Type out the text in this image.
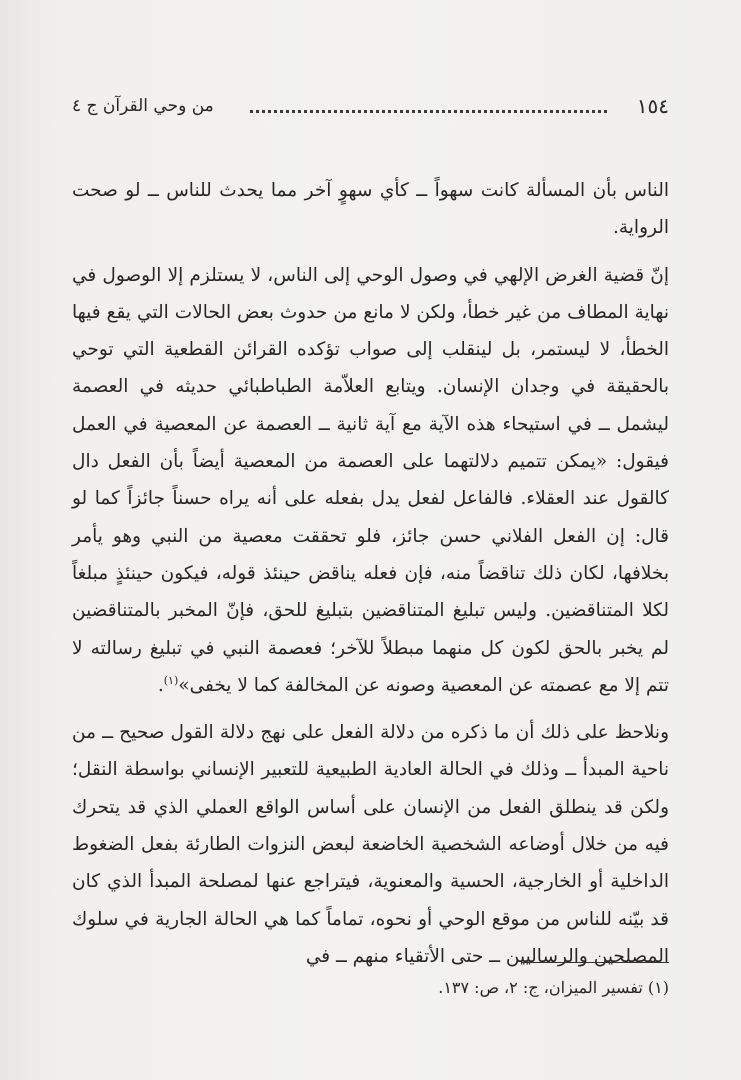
١٥٤
من وحي القرآن ج ٤

الناس بأن المسألة كانت سهواً ــ كأي سهوٍ آخر مما يحدث للناس ــ لو صحت الرواية.

إنّ قضية الغرض الإلهي في وصول الوحي إلى الناس، لا يستلزم إلا الوصول في نهاية المطاف من غير خطأ، ولكن لا مانع من حدوث بعض الحالات التي يقع فيها الخطأ، لا ليستمر، بل لينقلب إلى صواب تؤكده القرائن القطعية التي توحي بالحقيقة في وجدان الإنسان. ويتابع العلاّمة الطباطبائي حديثه في العصمة ليشمل ــ في استيحاء هذه الآية مع آية ثانية ــ العصمة عن المعصية في العمل فيقول: «يمكن تتميم دلالتهما على العصمة من المعصية أيضاً بأن الفعل دال كالقول عند العقلاء. فالفاعل لفعل يدل بفعله على أنه يراه حسناً جائزاً كما لو قال: إن الفعل الفلاني حسن جائز، فلو تحققت معصية من النبي وهو يأمر بخلافها، لكان ذلك تناقضاً منه، فإن فعله يناقض حينئذ قوله، فيكون حينئذٍ مبلغاً لكلا المتناقضين. وليس تبليغ المتناقضين بتبليغ للحق، فإنّ المخبر بالمتناقضين لم يخبر بالحق لكون كل منهما مبطلاً للآخر؛ فعصمة النبي في تبليغ رسالته لا تتم إلا مع عصمته عن المعصية وصونه عن المخالفة كما لا يخفى»$^{(١)}$.

ونلاحظ على ذلك أن ما ذكره من دلالة الفعل على نهج دلالة القول صحيح ــ من ناحية المبدأ ــ وذلك في الحالة العادية الطبيعية للتعبير الإنساني بواسطة النقل؛ ولكن قد ينطلق الفعل من الإنسان على أساس الواقع العملي الذي قد يتحرك فيه من خلال أوضاعه الشخصية الخاضعة لبعض النزوات الطارئة بفعل الضغوط الداخلية أو الخارجية، الحسية والمعنوية، فيتراجع عنها لمصلحة المبدأ الذي كان قد بيّنه للناس من موقع الوحي أو نحوه، تماماً كما هي الحالة الجارية في سلوك المصلحين والرساليين ــ حتى الأتقياء منهم ــ في

(١) تفسير الميزان، ج: ٢، ص: ١٣٧.
